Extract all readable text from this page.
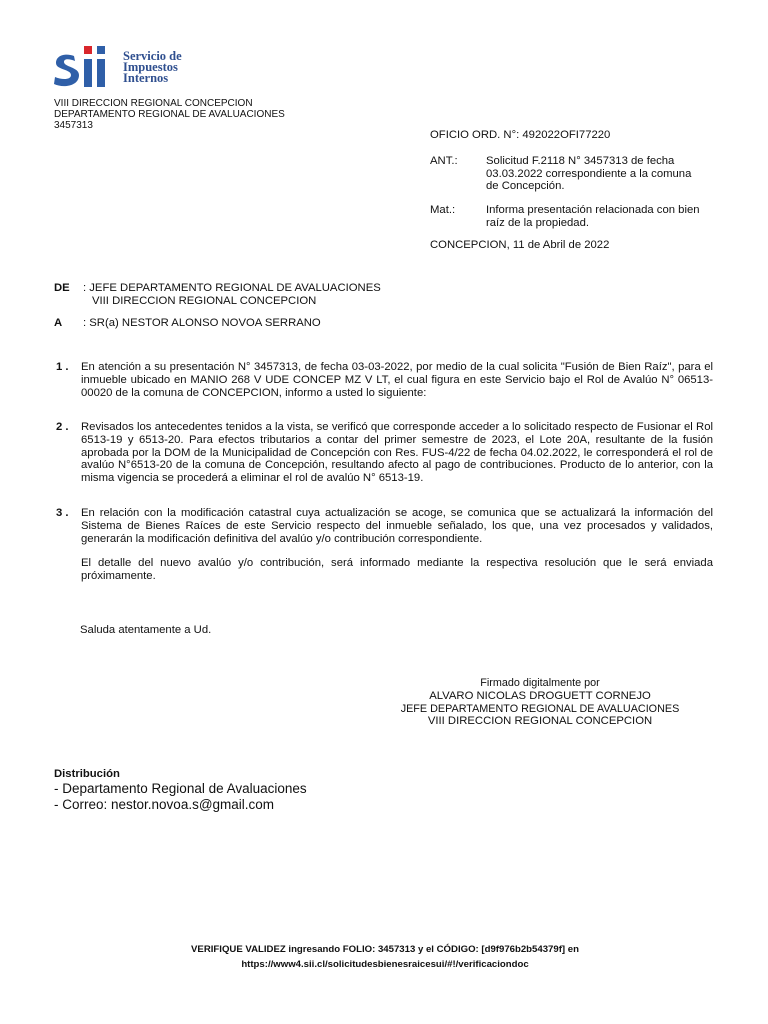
Servicio de
Impuestos
Internos
VIII DIRECCION REGIONAL CONCEPCION
DEPARTAMENTO REGIONAL DE AVALUACIONES
3457313
OFICIO ORD. N°: 492022OFI77220
ANT.:	Solicitud F.2118 N° 3457313 de fecha 03.03.2022 correspondiente a la comuna de Concepción.
Mat.:	Informa presentación relacionada con bien raíz de la propiedad.
CONCEPCION, 11 de Abril de 2022
DE : JEFE DEPARTAMENTO REGIONAL DE AVALUACIONES
VIII DIRECCION REGIONAL CONCEPCION
A : SR(a) NESTOR ALONSO NOVOA SERRANO
1 . En atención a su presentación N° 3457313, de fecha 03-03-2022, por medio de la cual solicita "Fusión de Bien Raíz", para el inmueble ubicado en MANIO 268 V UDE CONCEP MZ V LT, el cual figura en este Servicio bajo el Rol de Avalúo N° 06513-00020 de la comuna de CONCEPCION, informo a usted lo siguiente:
2 . Revisados los antecedentes tenidos a la vista, se verificó que corresponde acceder a lo solicitado respecto de Fusionar el Rol 6513-19 y 6513-20. Para efectos tributarios a contar del primer semestre de 2023, el Lote 20A, resultante de la fusión aprobada por la DOM de la Municipalidad de Concepción con Res. FUS-4/22 de fecha 04.02.2022, le corresponderá el rol de avalúo N°6513-20 de la comuna de Concepción, resultando afecto al pago de contribuciones. Producto de lo anterior, con la misma vigencia se procederá a eliminar el rol de avalúo N° 6513-19.
3 . En relación con la modificación catastral cuya actualización se acoge, se comunica que se actualizará la información del Sistema de Bienes Raíces de este Servicio respecto del inmueble señalado, los que, una vez procesados y validados, generarán la modificación definitiva del avalúo y/o contribución correspondiente.
El detalle del nuevo avalúo y/o contribución, será informado mediante la respectiva resolución que le será enviada próximamente.
Saluda atentamente a Ud.
Firmado digitalmente por
ALVARO NICOLAS DROGUETT CORNEJO
JEFE DEPARTAMENTO REGIONAL DE AVALUACIONES
VIII DIRECCION REGIONAL CONCEPCION
Distribución
- Departamento Regional de Avaluaciones
- Correo: nestor.novoa.s@gmail.com
VERIFIQUE VALIDEZ ingresando FOLIO: 3457313 y el CÓDIGO: [d9f976b2b54379f] en
https://www4.sii.cl/solicitudesbienesraicesui/#!/verificaciondoc
